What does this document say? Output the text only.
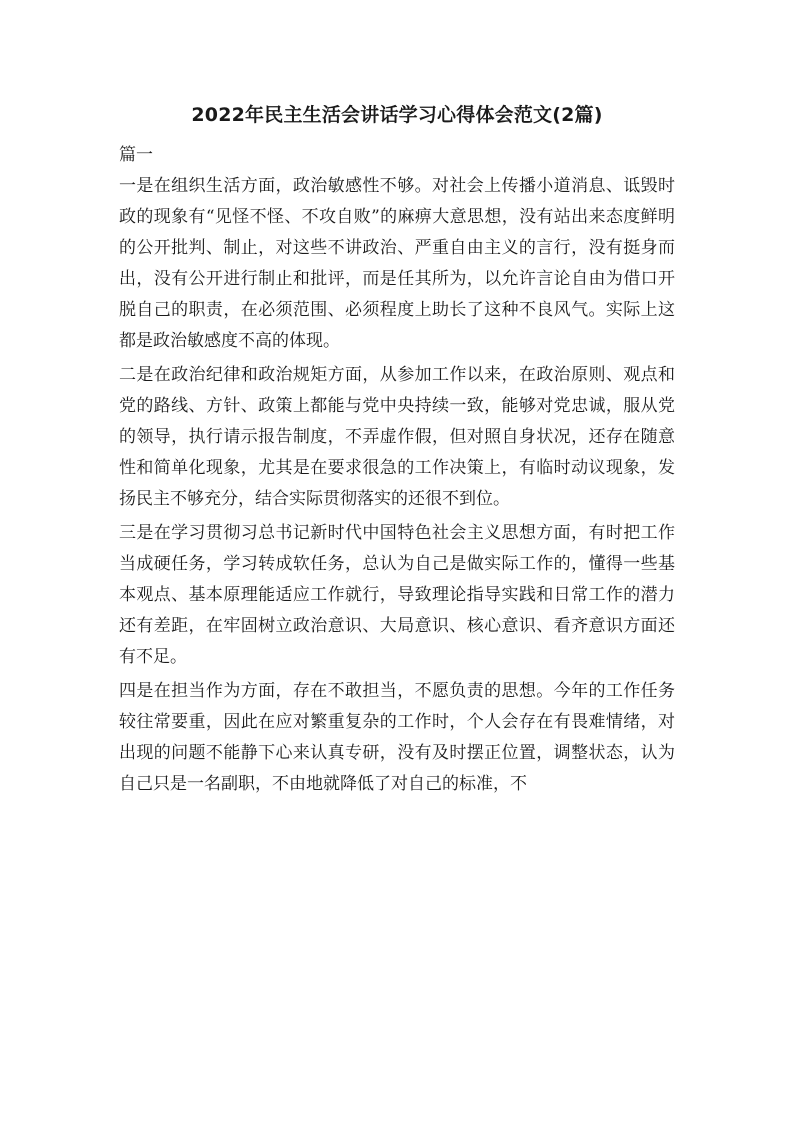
2022年民主生活会讲话学习心得体会范文(2篇)

篇一

一是在组织生活方面，政治敏感性不够。对社会上传播小道消息、诋毁时政的现象有“见怪不怪、不攻自败”的麻痹大意思想，没有站出来态度鲜明的公开批判、制止，对这些不讲政治、严重自由主义的言行，没有挺身而出，没有公开进行制止和批评，而是任其所为，以允许言论自由为借口开脱自己的职责，在必须范围、必须程度上助长了这种不良风气。实际上这都是政治敏感度不高的体现。

二是在政治纪律和政治规矩方面，从参加工作以来，在政治原则、观点和党的路线、方针、政策上都能与党中央持续一致，能够对党忠诚，服从党的领导，执行请示报告制度，不弄虚作假，但对照自身状况，还存在随意性和简单化现象，尤其是在要求很急的工作决策上，有临时动议现象，发扬民主不够充分，结合实际贯彻落实的还很不到位。

三是在学习贯彻习总书记新时代中国特色社会主义思想方面，有时把工作当成硬任务，学习转成软任务，总认为自己是做实际工作的，懂得一些基本观点、基本原理能适应工作就行，导致理论指导实践和日常工作的潜力还有差距，在牢固树立政治意识、大局意识、核心意识、看齐意识方面还有不足。

四是在担当作为方面，存在不敢担当，不愿负责的思想。今年的工作任务较往常要重，因此在应对繁重复杂的工作时，个人会存在有畏难情绪，对出现的问题不能静下心来认真专研，没有及时摆正位置，调整状态，认为自己只是一名副职，不由地就降低了对自己的标准，不
